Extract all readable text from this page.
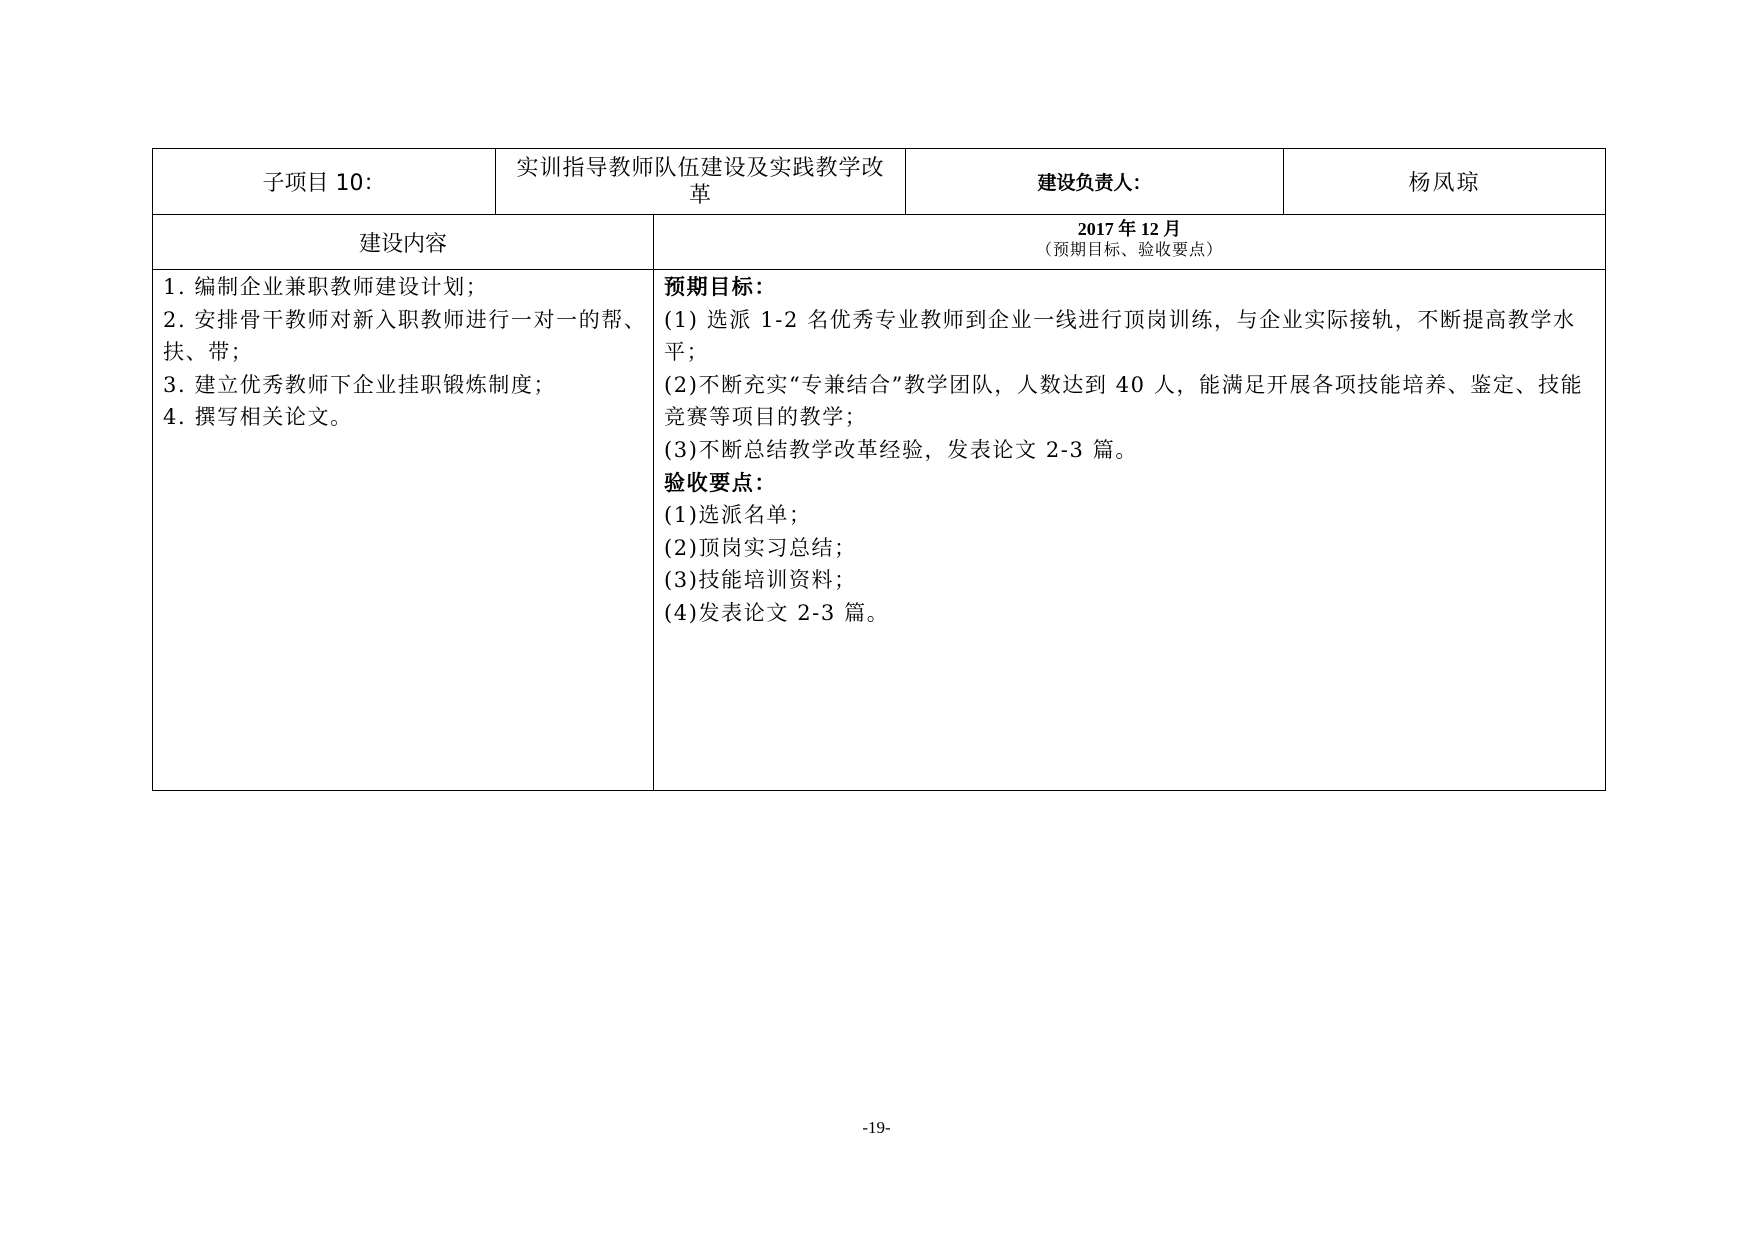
子项目 10：
实训指导教师队伍建设及实践教学改革	建设负责人：	杨凤琼
建设内容
2017 年 12 月
（预期目标、验收要点）

1. 编制企业兼职教师建设计划；

2. 安排骨干教师对新入职教师进行一对一的帮、扶、带；

3. 建立优秀教师下企业挂职锻炼制度；

4. 撰写相关论文。

预期目标：

(1) 选派 1-2 名优秀专业教师到企业一线进行顶岗训练，与企业实际接轨，不断提高教学水平；

(2)不断充实“专兼结合”教学团队，人数达到 40 人，能满足开展各项技能培养、鉴定、技能竞赛等项目的教学；

(3)不断总结教学改革经验，发表论文 2-3 篇。

验收要点：

(1)选派名单；

(2)顶岗实习总结；

(3)技能培训资料；

(4)发表论文 2-3 篇。

-19-
